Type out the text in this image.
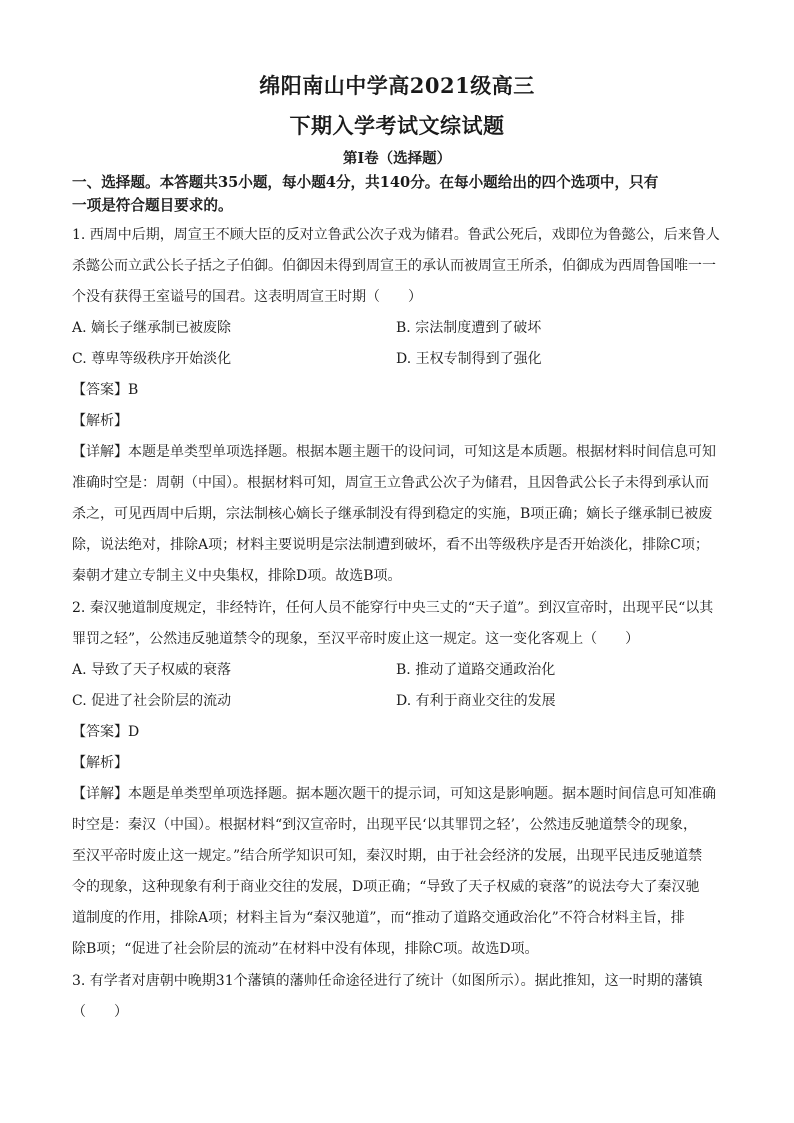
绵阳南山中学高2021级高三
下期入学考试文综试题
第Ⅰ卷（选择题）
一、选择题。本答题共35小题，每小题4分，共140分。在每小题给出的四个选项中，只有
一项是符合题目要求的。
1. 西周中后期，周宣王不顾大臣的反对立鲁武公次子戏为储君。鲁武公死后，戏即位为鲁懿公，后来鲁人
杀懿公而立武公长子括之子伯御。伯御因未得到周宣王的承认而被周宣王所杀，伯御成为西周鲁国唯一一
个没有获得王室谥号的国君。这表明周宣王时期（　　）
A. 嫡长子继承制已被废除	B. 宗法制度遭到了破坏
C. 尊卑等级秩序开始淡化	D. 王权专制得到了强化
【答案】B
【解析】
【详解】本题是单类型单项选择题。根据本题主题干的设问词，可知这是本质题。根据材料时间信息可知
准确时空是：周朝（中国）。根据材料可知，周宣王立鲁武公次子为储君，且因鲁武公长子未得到承认而
杀之，可见西周中后期，宗法制核心嫡长子继承制没有得到稳定的实施，B项正确；嫡长子继承制已被废
除，说法绝对，排除A项；材料主要说明是宗法制遭到破坏，看不出等级秩序是否开始淡化，排除C项；
秦朝才建立专制主义中央集权，排除D项。故选B项。
2. 秦汉驰道制度规定，非经特许，任何人员不能穿行中央三丈的“天子道”。到汉宣帝时，出现平民“以其
罪罚之轻”，公然违反驰道禁令的现象，至汉平帝时废止这一规定。这一变化客观上（　　）
A. 导致了天子权威的衰落	B. 推动了道路交通政治化
C. 促进了社会阶层的流动	D. 有利于商业交往的发展
【答案】D
【解析】
【详解】本题是单类型单项选择题。据本题次题干的提示词，可知这是影响题。据本题时间信息可知准确
时空是：秦汉（中国）。根据材料“到汉宣帝时，出现平民‘以其罪罚之轻’，公然违反驰道禁令的现象，
至汉平帝时废止这一规定。”结合所学知识可知，秦汉时期，由于社会经济的发展，出现平民违反驰道禁
令的现象，这种现象有利于商业交往的发展，D项正确；“导致了天子权威的衰落”的说法夸大了秦汉驰
道制度的作用，排除A项；材料主旨为“秦汉驰道”，而“推动了道路交通政治化”不符合材料主旨，排
除B项；“促进了社会阶层的流动”在材料中没有体现，排除C项。故选D项。
3. 有学者对唐朝中晚期31个藩镇的藩帅任命途径进行了统计（如图所示）。据此推知，这一时期的藩镇
（　　）
